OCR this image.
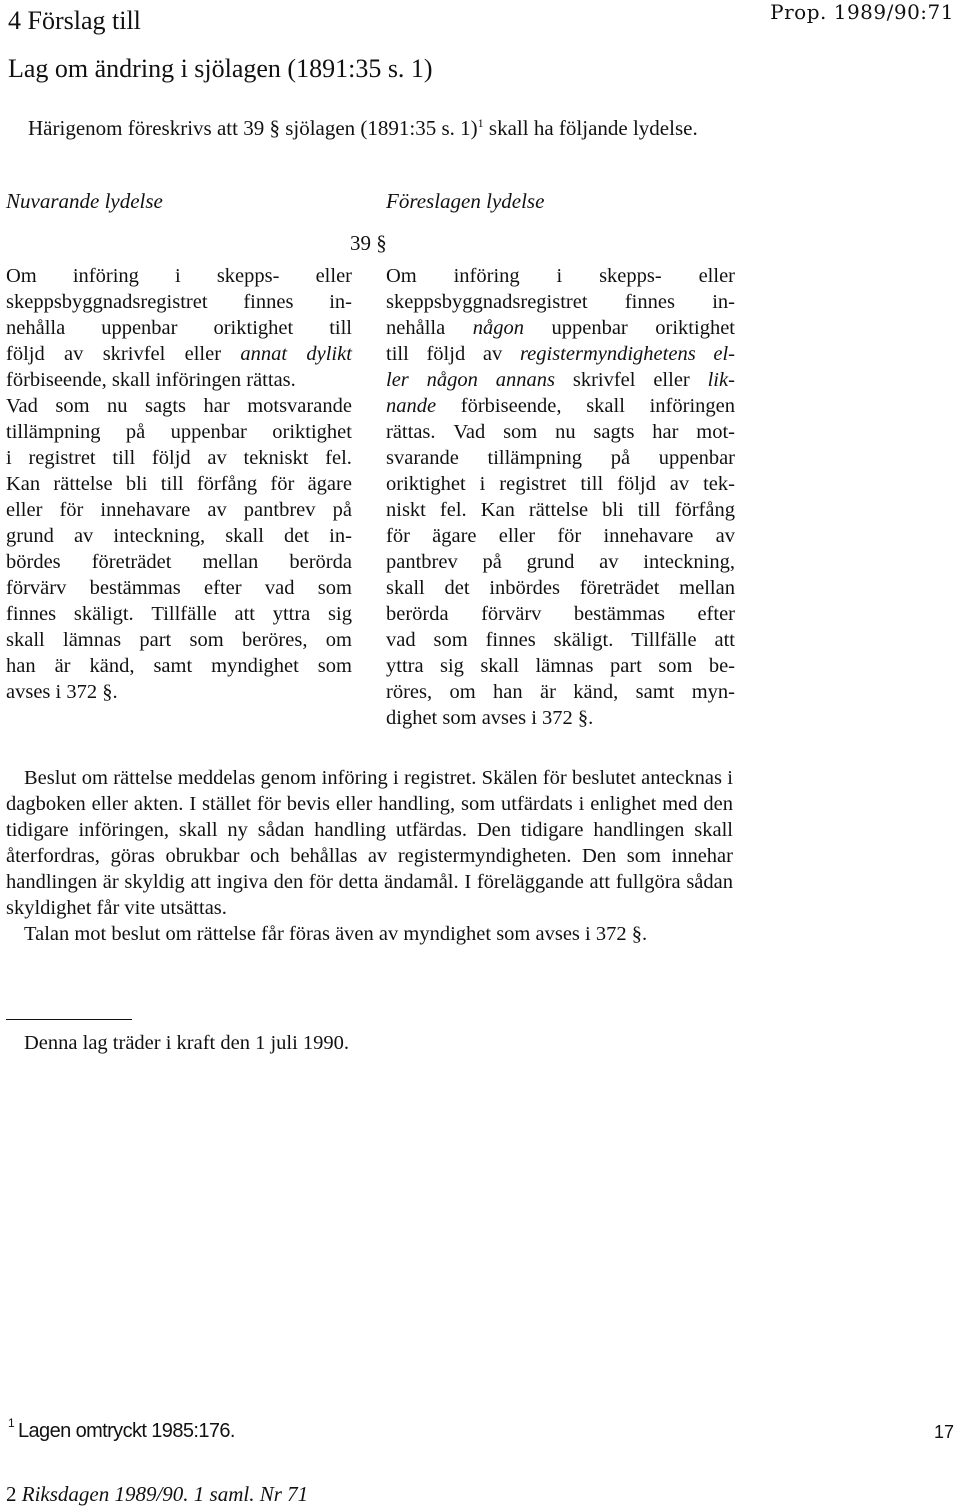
4 Förslag till	Prop. 1989/90:71
Lag om ändring i sjölagen (1891:35 s. 1)
Härigenom föreskrivs att 39 § sjölagen (1891:35 s. 1)$^1$ skall ha följande lydelse.
Nuvarande lydelse	Föreslagen lydelse
39 §
Om införing i skepps- eller
skeppsbyggnadsregistret finnes in-
nehålla uppenbar oriktighet till
följd av skrivfel eller annat dylikt
förbiseende, skall införingen rättas.
Vad som nu sagts har motsvarande
tillämpning på uppenbar oriktighet
i registret till följd av tekniskt fel.
Kan rättelse bli till förfång för ägare
eller för innehavare av pantbrev på
grund av inteckning, skall det in-
bördes företrädet mellan berörda
förvärv bestämmas efter vad som
finnes skäligt. Tillfälle att yttra sig
skall lämnas part som beröres, om
han är känd, samt myndighet som
avses i 372 §.
Om införing i skepps- eller
skeppsbyggnadsregistret finnes in-
nehålla någon uppenbar oriktighet
till följd av registermyndighetens el-
ler någon annans skrivfel eller lik-
nande förbiseende, skall införingen
rättas. Vad som nu sagts har mot-
svarande tillämpning på uppenbar
oriktighet i registret till följd av tek-
niskt fel. Kan rättelse bli till förfång
för ägare eller för innehavare av
pantbrev på grund av inteckning,
skall det inbördes företrädet mellan
berörda förvärv bestämmas efter
vad som finnes skäligt. Tillfälle att
yttra sig skall lämnas part som be-
röres, om han är känd, samt myn-
dighet som avses i 372 §.
Beslut om rättelse meddelas genom införing i registret. Skälen för beslutet antecknas i dagboken eller akten. I stället för bevis eller handling, som utfärdats i enlighet med den tidigare införingen, skall ny sådan handling utfärdas. Den tidigare handlingen skall återfordras, göras obrukbar och behållas av registermyndigheten. Den som innehar handlingen är skyldig att ingiva den för detta ändamål. I föreläggande att fullgöra sådan skyldighet får vite utsättas.
Talan mot beslut om rättelse får föras även av myndighet som avses i 372 §.
Denna lag träder i kraft den 1 juli 1990.
1 Lagen omtryckt 1985:176.	17
2 Riksdagen 1989/90. 1 saml. Nr 71
